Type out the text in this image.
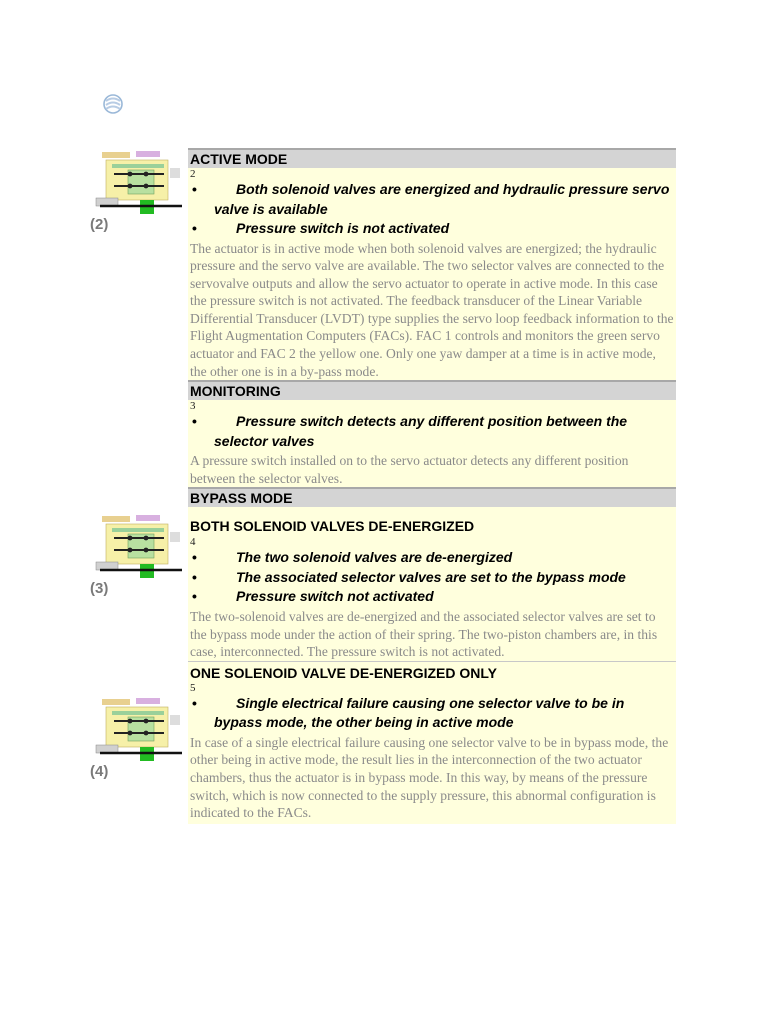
(2)
(3)
(4)
ACTIVE MODE
2
•	Both solenoid valves are energized and hydraulic pressure servo valve is available
•	Pressure switch is not activated
The actuator is in active mode when both solenoid valves are energized; the hydraulic pressure and the servo valve are available. The two selector valves are connected to the servovalve outputs and allow the servo actuator to operate in active mode. In this case the pressure switch is not activated. The feedback transducer of the Linear Variable Differential Transducer (LVDT) type supplies the servo loop feedback information to the Flight Augmentation Computers (FACs). FAC 1 controls and monitors the green servo actuator and FAC 2 the yellow one. Only one yaw damper at a time is in active mode, the other one is in a by-pass mode.
MONITORING
3
•	Pressure switch detects any different position between the selector valves
A pressure switch installed on to the servo actuator detects any different position between the selector valves.
BYPASS MODE
BOTH SOLENOID VALVES DE-ENERGIZED
4
•	The two solenoid valves are de-energized
•	The associated selector valves are set to the bypass mode
•	Pressure switch not activated
The two-solenoid valves are de-energized and the associated selector valves are set to the bypass mode under the action of their spring. The two-piston chambers are, in this case, interconnected. The pressure switch is not activated.
ONE SOLENOID VALVE DE-ENERGIZED ONLY
5
•	Single electrical failure causing one selector valve to be in bypass mode, the other being in active mode
In case of a single electrical failure causing one selector valve to be in bypass mode, the other being in active mode, the result lies in the interconnection of the two actuator chambers, thus the actuator is in bypass mode. In this way, by means of the pressure switch, which is now connected to the supply pressure, this abnormal configuration is indicated to the FACs.
